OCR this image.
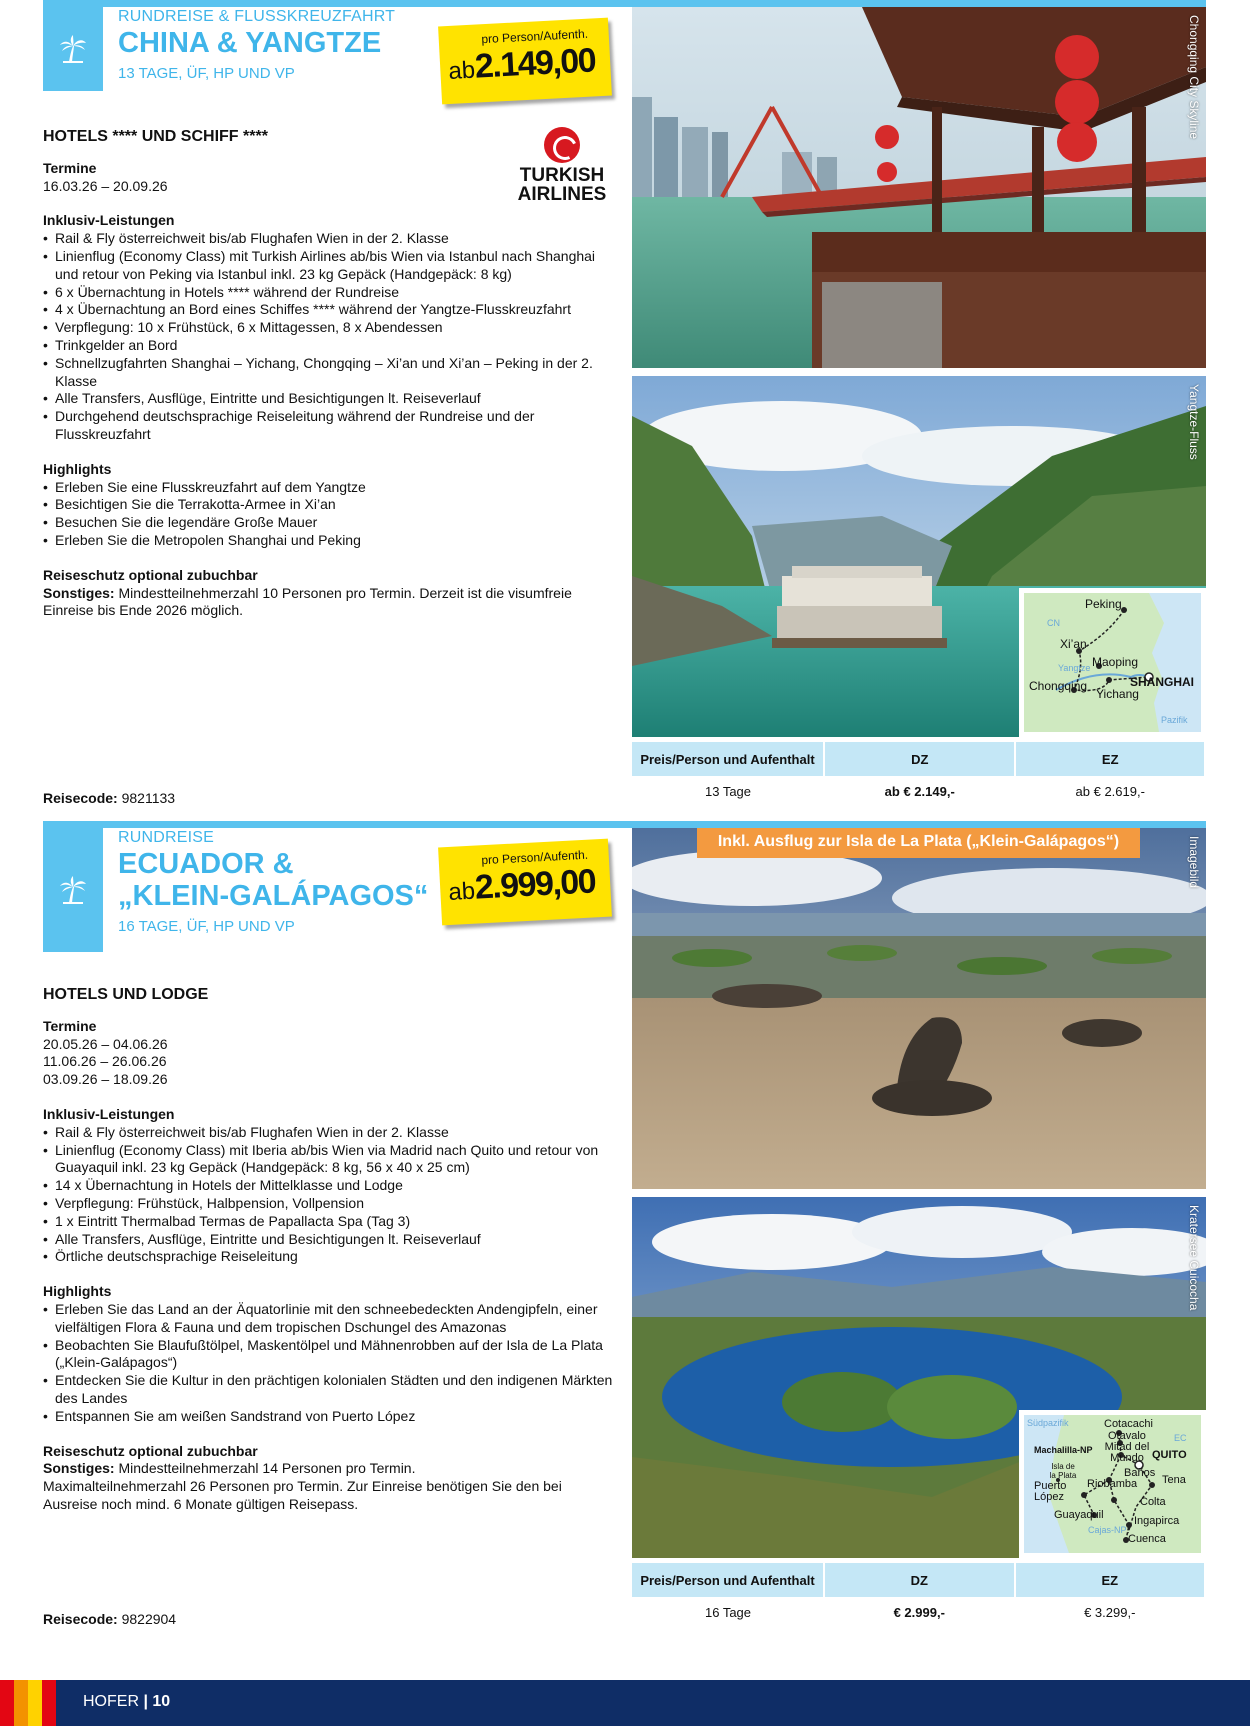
RUNDREISE & FLUSSKREUZFAHRT
CHINA & YANGTZE
13 TAGE, ÜF, HP UND VP
pro Person/Aufenth.
ab
2.149,00
TURKISH
AIRLINES
HOTELS **** UND SCHIFF ****
Termine
16.03.26 – 20.09.26
Inklusiv-Leistungen
• Rail & Fly österreichweit bis/ab Flughafen Wien in der 2. Klasse
• Linienflug (Economy Class) mit Turkish Airlines ab/bis Wien via Istanbul nach Shanghai und retour von Peking via Istanbul inkl. 23 kg Gepäck (Handgepäck: 8 kg)
• 6 x Übernachtung in Hotels **** während der Rundreise
• 4 x Übernachtung an Bord eines Schiffes **** während der Yangtze-Flusskreuzfahrt
• Verpflegung: 10 x Frühstück, 6 x Mittagessen, 8 x Abendessen
• Trinkgelder an Bord
• Schnellzugfahrten Shanghai – Yichang, Chongqing – Xi’an und Xi’an – Peking in der 2. Klasse
• Alle Transfers, Ausflüge, Eintritte und Besichtigungen lt. Reiseverlauf
• Durchgehend deutschsprachige Reiseleitung während der Rundreise und der Flusskreuzfahrt
Highlights
• Erleben Sie eine Flusskreuzfahrt auf dem Yangtze
• Besichtigen Sie die Terrakotta-Armee in Xi’an
• Besuchen Sie die legendäre Große Mauer
• Erleben Sie die Metropolen Shanghai und Peking
Reiseschutz optional zubuchbar
Sonstiges: Mindestteilnehmerzahl 10 Personen pro Termin. Derzeit ist die visumfreie Einreise bis Ende 2026 möglich.
Reisecode: 9821133
Chongqing City Skyline
Yangtze-Fluss
Peking
CN
Xi’an
Maoping
Yangtze
Chongqing	SHANGHAI
Yichang
Pazifik
Preis/Person und Aufenthalt	DZ	EZ
13 Tage	ab € 2.149,-	ab € 2.619,-
RUNDREISE
ECUADOR &
„KLEIN-GALÁPAGOS“
16 TAGE, ÜF, HP UND VP
pro Person/Aufenth.
ab
2.999,00
HOTELS UND LODGE
Termine
20.05.26 – 04.06.26
11.06.26 – 26.06.26
03.09.26 – 18.09.26
Inklusiv-Leistungen
• Rail & Fly österreichweit bis/ab Flughafen Wien in der 2. Klasse
• Linienflug (Economy Class) mit Iberia ab/bis Wien via Madrid nach Quito und retour von Guayaquil inkl. 23 kg Gepäck (Handgepäck: 8 kg, 56 x 40 x 25 cm)
• 14 x Übernachtung in Hotels der Mittelklasse und Lodge
• Verpflegung: Frühstück, Halbpension, Vollpension
• 1 x Eintritt Thermalbad Termas de Papallacta Spa (Tag 3)
• Alle Transfers, Ausflüge, Eintritte und Besichtigungen lt. Reiseverlauf
• Örtliche deutschsprachige Reiseleitung
Highlights
• Erleben Sie das Land an der Äquatorlinie mit den schneebedeckten Andengipfeln, einer vielfältigen Flora & Fauna und dem tropischen Dschungel des Amazonas
• Beobachten Sie Blaufußtölpel, Maskentölpel und Mähnenrobben auf der Isla de La Plata („Klein-Galápagos“)
• Entdecken Sie die Kultur in den prächtigen kolonialen Städten und den indigenen Märkten des Landes
• Entspannen Sie am weißen Sandstrand von Puerto López
Reiseschutz optional zubuchbar
Sonstiges: Mindestteilnehmerzahl 14 Personen pro Termin.
Maximalteilnehmerzahl 26 Personen pro Termin. Zur Einreise benötigen Sie den bei Ausreise noch mind. 6 Monate gültigen Reisepass.
Reisecode: 9822904
Inkl. Ausflug zur Isla de La Plata („Klein-Galápagos“)	Imagebild
Kratersee Cuicocha
Südpazifik	Cotacachi
Otavalo	EC
Machalilla-NP Mitad del Mundo QUITO
Isla de la Plata	Baños
Puerto López
Riobamba Tena
Colta
Guayaquil	Ingapirca
Cajas-NP
Cuenca
Preis/Person und Aufenthalt	DZ	EZ
16 Tage	€ 2.999,-	€ 3.299,-
HOFER | 10
